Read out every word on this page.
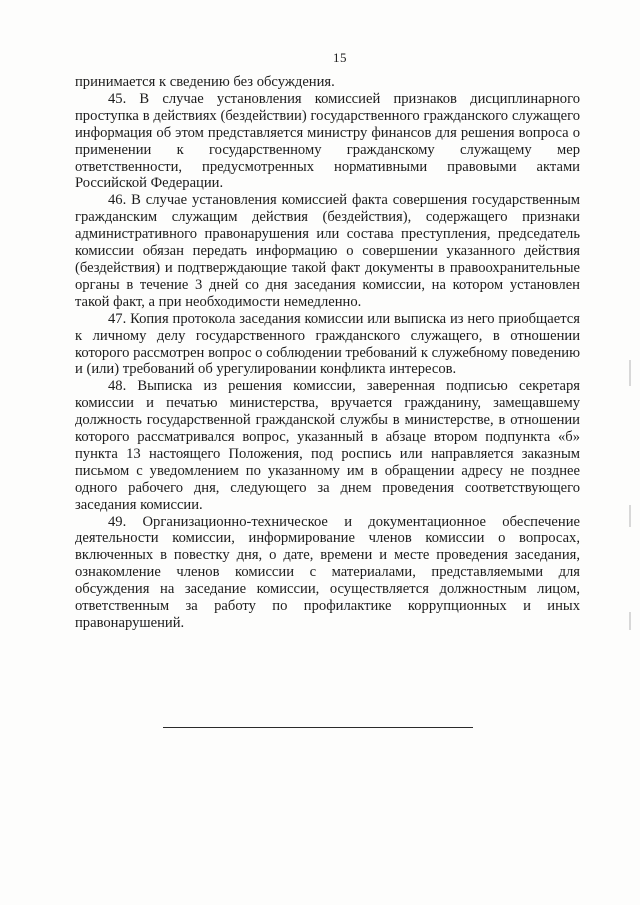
15

принимается к сведению без обсуждения.

45. В случае установления комиссией признаков дисциплинарного проступка в действиях (бездействии) государственного гражданского служащего информация об этом представляется министру финансов для решения вопроса о применении к государственному гражданскому служащему мер ответственности, предусмотренных нормативными правовыми актами Российской Федерации.

46. В случае установления комиссией факта совершения государственным гражданским служащим действия (бездействия), содержащего признаки административного правонарушения или состава преступления, председатель комиссии обязан передать информацию о совершении указанного действия (бездействия) и подтверждающие такой факт документы в правоохранительные органы в течение 3 дней со дня заседания комиссии, на котором установлен такой факт, а при необходимости немедленно.

47. Копия протокола заседания комиссии или выписка из него приобщается к личному делу государственного гражданского служащего, в отношении которого рассмотрен вопрос о соблюдении требований к служебному поведению и (или) требований об урегулировании конфликта интересов.

48. Выписка из решения комиссии, заверенная подписью секретаря комиссии и печатью министерства, вручается гражданину, замещавшему должность государственной гражданской службы в министерстве, в отношении которого рассматривался вопрос, указанный в абзаце втором подпункта «б» пункта 13 настоящего Положения, под роспись или направляется заказным письмом с уведомлением по указанному им в обращении адресу не позднее одного рабочего дня, следующего за днем проведения соответствующего заседания комиссии.

49. Организационно-техническое и документационное обеспечение деятельности комиссии, информирование членов комиссии о вопросах, включенных в повестку дня, о дате, времени и месте проведения заседания, ознакомление членов комиссии с материалами, представляемыми для обсуждения на заседание комиссии, осуществляется должностным лицом, ответственным за работу по профилактике коррупционных и иных правонарушений.
